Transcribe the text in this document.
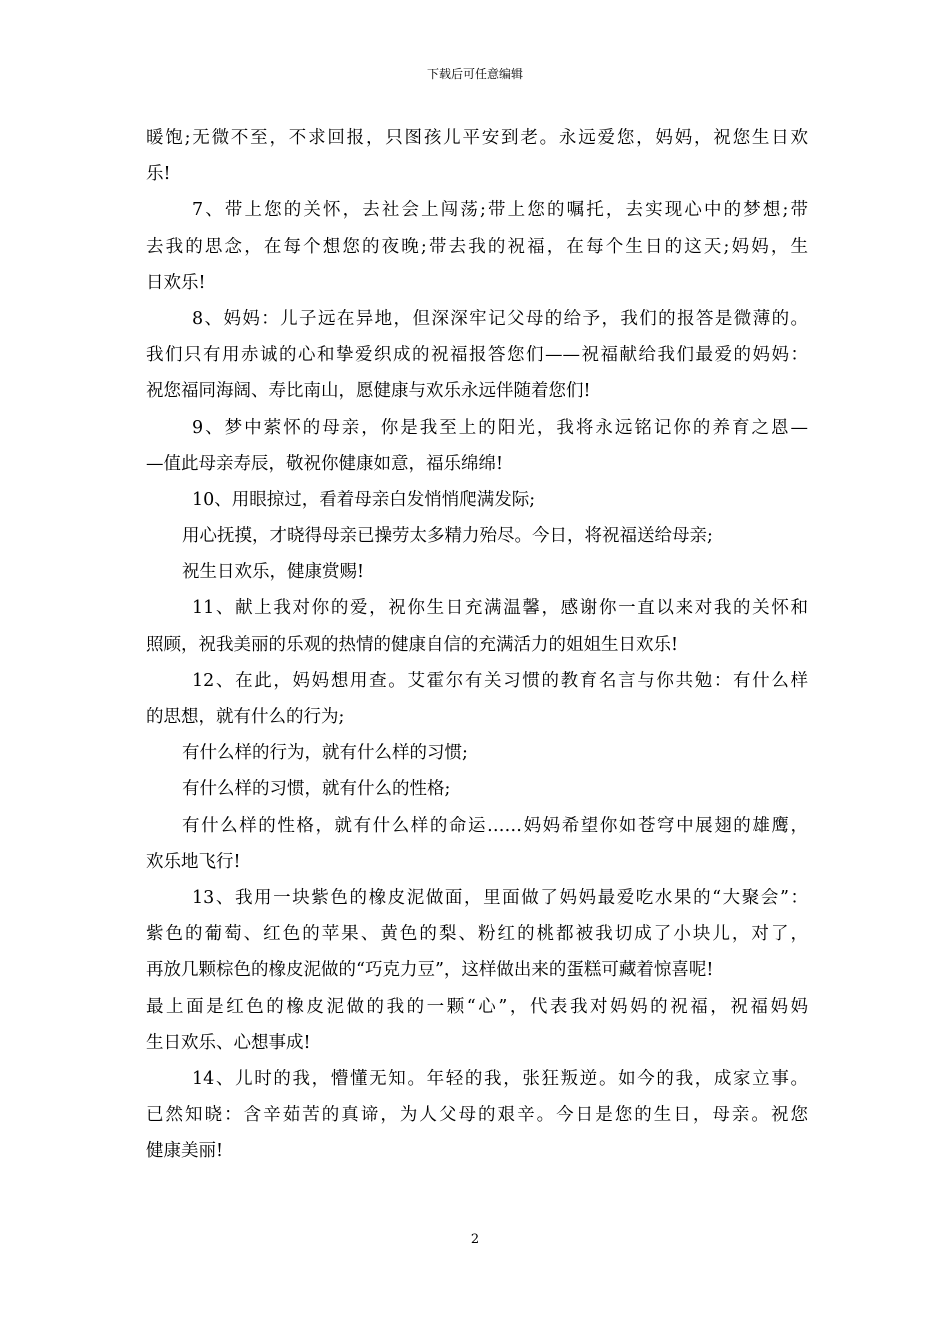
下载后可任意编辑
暖饱;无微不至，不求回报，只图孩儿平安到老。永远爱您，妈妈，祝您生日欢
乐!
7、带上您的关怀，去社会上闯荡;带上您的嘱托，去实现心中的梦想;带
去我的思念，在每个想您的夜晚;带去我的祝福，在每个生日的这天;妈妈，生
日欢乐!
8、妈妈：儿子远在异地，但深深牢记父母的给予，我们的报答是微薄的。
我们只有用赤诚的心和挚爱织成的祝福报答您们——祝福献给我们最爱的妈妈：
祝您福同海阔、寿比南山，愿健康与欢乐永远伴随着您们!
9、梦中萦怀的母亲，你是我至上的阳光，我将永远铭记你的养育之恩—
—值此母亲寿辰，敬祝你健康如意，福乐绵绵!
10、用眼掠过，看着母亲白发悄悄爬满发际;
用心抚摸，才晓得母亲已操劳太多精力殆尽。今日，将祝福送给母亲;
祝生日欢乐，健康赏赐!
11、献上我对你的爱，祝你生日充满温馨，感谢你一直以来对我的关怀和
照顾，祝我美丽的乐观的热情的健康自信的充满活力的姐姐生日欢乐!
12、在此，妈妈想用查。艾霍尔有关习惯的教育名言与你共勉：有什么样
的思想，就有什么的行为;
有什么样的行为，就有什么样的习惯;
有什么样的习惯，就有什么的性格;
有什么样的性格，就有什么样的命运……妈妈希望你如苍穹中展翅的雄鹰，
欢乐地飞行!
13、我用一块紫色的橡皮泥做面，里面做了妈妈最爱吃水果的“大聚会”：
紫色的葡萄、红色的苹果、黄色的梨、粉红的桃都被我切成了小块儿，对了，
再放几颗棕色的橡皮泥做的“巧克力豆”，这样做出来的蛋糕可藏着惊喜呢!
最上面是红色的橡皮泥做的我的一颗“心”，代表我对妈妈的祝福，祝福妈妈
生日欢乐、心想事成!
14、儿时的我，懵懂无知。年轻的我，张狂叛逆。如今的我，成家立事。
已然知晓：含辛茹苦的真谛，为人父母的艰辛。今日是您的生日，母亲。祝您
健康美丽!
2
